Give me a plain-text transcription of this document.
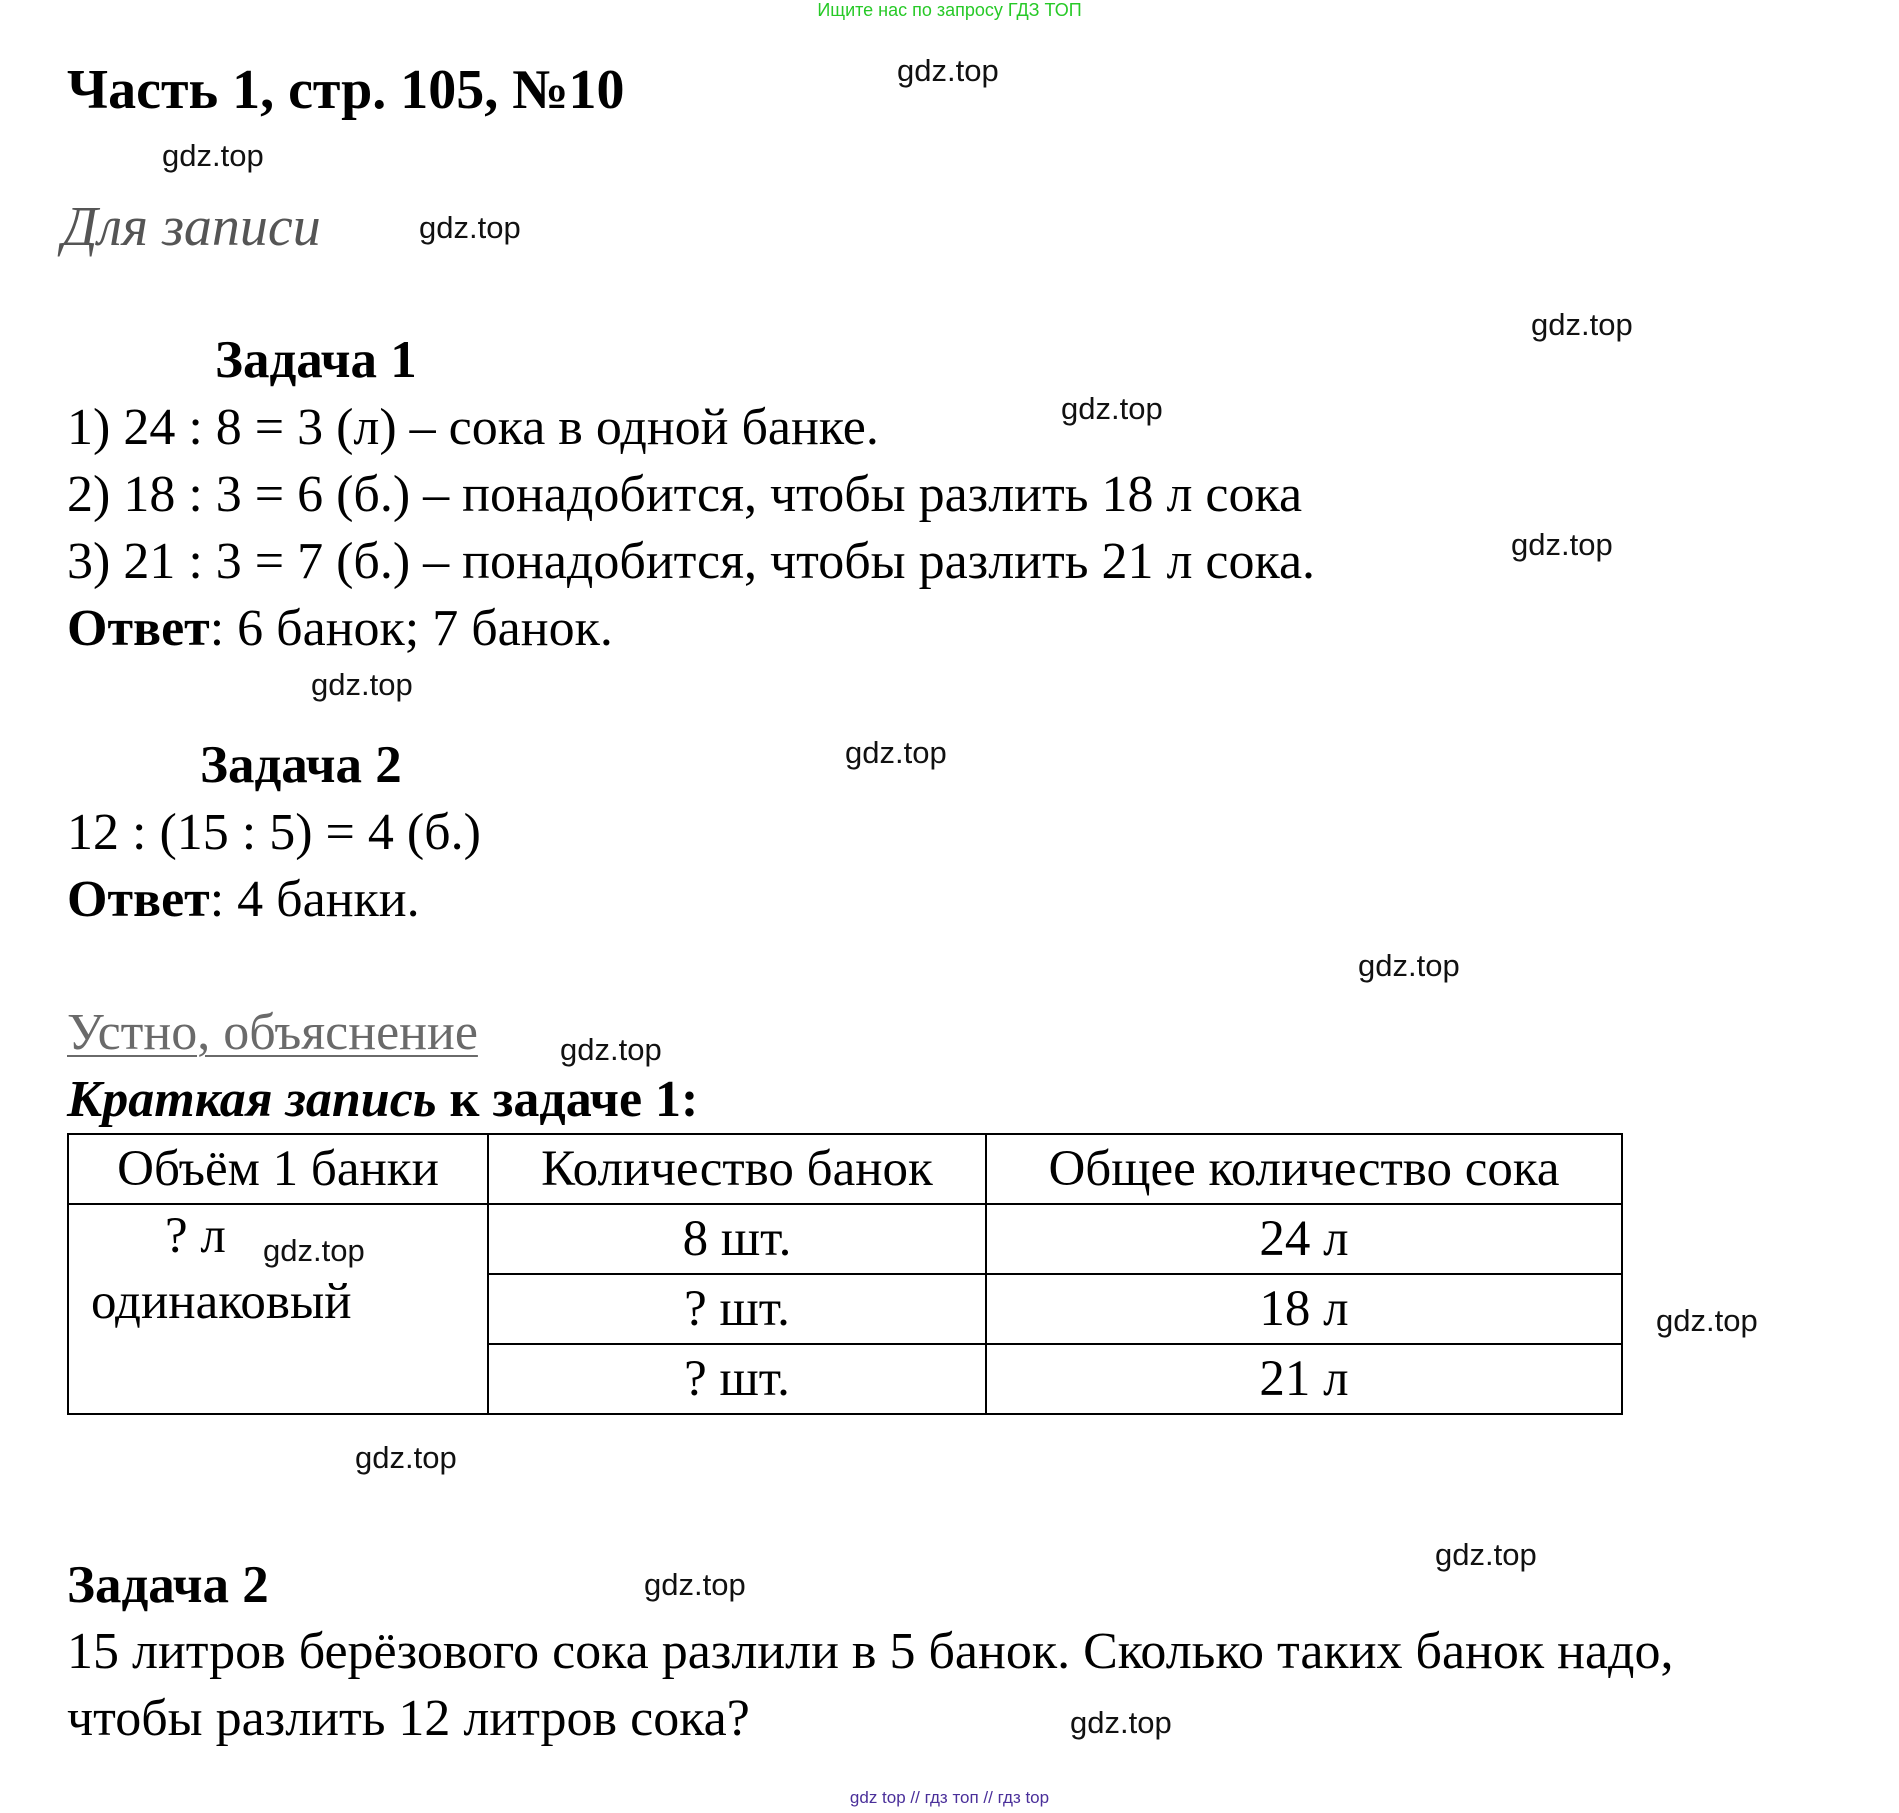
Ищите нас по запросу ГДЗ ТОП
Часть 1, стр. 105, №10
Для записи
Задача 1
1) 24 : 8 = 3 (л) – сока в одной банке.
2) 18 : 3 = 6 (б.) – понадобится, чтобы разлить 18 л сока
3) 21 : 3 = 7 (б.) – понадобится, чтобы разлить 21 л сока.
Ответ: 6 банок; 7 банок.
Задача 2
12 : (15 : 5) = 4 (б.)
Ответ: 4 банки.
Устно, объяснение
Краткая запись к задаче 1:
Объём 1 банки	Количество банок	Общее количество сока

? л
одинаковый	8 шт.	24 л
	? шт.	18 л
	? шт.	21 л
Задача 2
15 литров берёзового сока разлили в 5 банок. Сколько таких банок надо,
чтобы разлить 12 литров сока?
gdz.top
gdz.top
gdz.top
gdz.top
gdz.top
gdz.top
gdz.top
gdz.top
gdz.top
gdz.top
gdz.top
gdz.top
gdz.top
gdz.top
gdz.top
gdz.top
gdz top // гдз топ // гдз top
